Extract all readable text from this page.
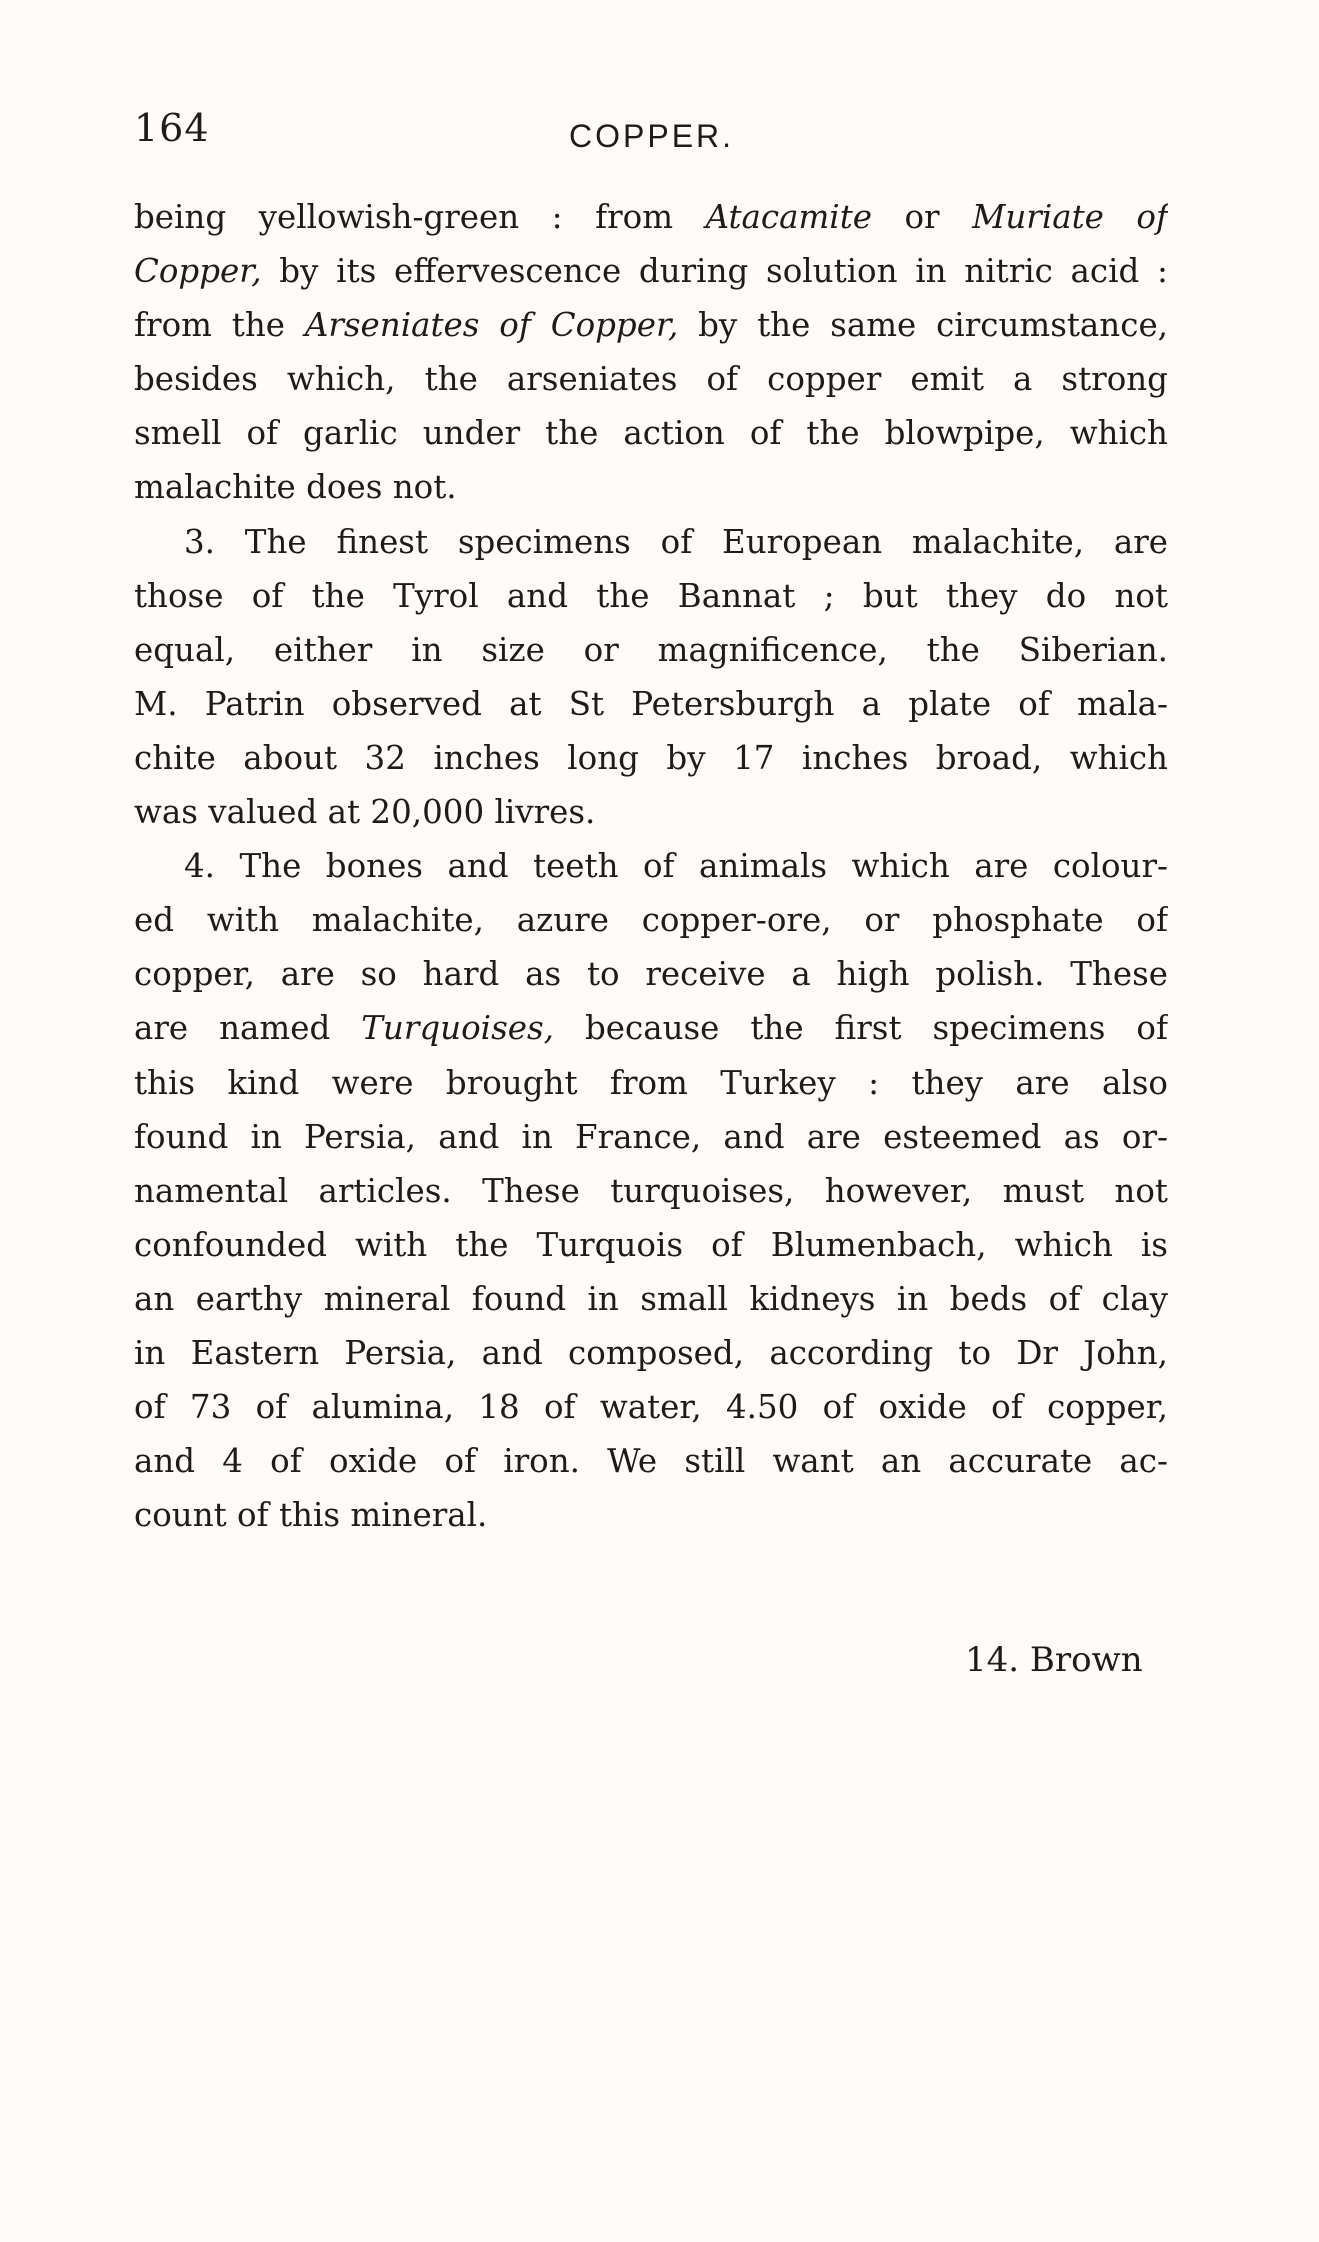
164	COPPER.
being yellowish-green : from Atacamite or Muriate of
Copper, by its effervescence during solution in nitric acid :
from the Arseniates of Copper, by the same circumstance,
besides which, the arseniates of copper emit a strong
smell of garlic under the action of the blowpipe, which
malachite does not.
3. The finest specimens of European malachite, are
those of the Tyrol and the Bannat ; but they do not
equal, either in size or magnificence, the Siberian.
M. Patrin observed at St Petersburgh a plate of mala-
chite about 32 inches long by 17 inches broad, which
was valued at 20,000 livres.
4. The bones and teeth of animals which are colour-
ed with malachite, azure copper-ore, or phosphate of
copper, are so hard as to receive a high polish. These
are named Turquoises, because the first specimens of
this kind were brought from Turkey : they are also
found in Persia, and in France, and are esteemed as or-
namental articles. These turquoises, however, must not
confounded with the Turquois of Blumenbach, which is
an earthy mineral found in small kidneys in beds of clay
in Eastern Persia, and composed, according to Dr John,
of 73 of alumina, 18 of water, 4.50 of oxide of copper,
and 4 of oxide of iron. We still want an accurate ac-
count of this mineral.
14. Brown
